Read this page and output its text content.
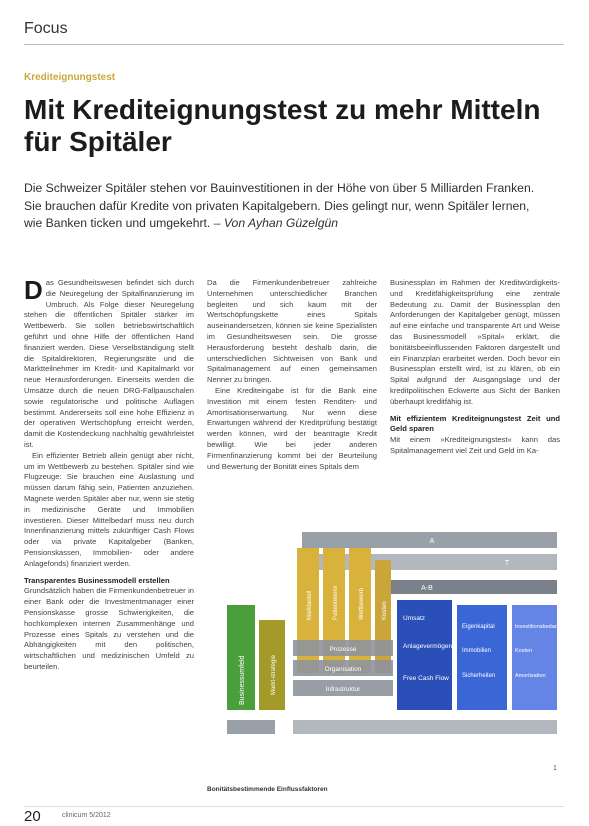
Focus
Krediteignungstest
Mit Krediteignungstest zu mehr Mitteln für Spitäler
Die Schweizer Spitäler stehen vor Bauinvestitionen in der Höhe von über 5 Milliarden Franken. Sie brauchen dafür Kredite von privaten Kapitalgebern. Dies gelingt nur, wenn Spitäler lernen, wie Banken ticken und umgekehrt. – Von Ayhan Güzelgün

Das Gesundheitswesen befindet sich durch die Neuregelung der Spitalfinanzierung im Umbruch. Als Folge dieser Neuregelung stehen die öffentlichen Spitäler stärker im Wettbewerb. Sie sollen betriebswirtschaftlich geführt und ohne Hilfe der öffentlichen Hand finanziert werden. Diese Verselbständigung stellt die Spitaldirektoren, Regierungsräte und die Marktteilnehmer im Kredit- und Kapitalmarkt vor neue Herausforderungen. Einerseits werden die Umsätze durch die neuen DRG-Fallpauschalen sowie regulatorische und politische Auflagen bestimmt. Andererseits soll eine hohe Effizienz in der operativen Wertschöpfung erreicht werden, damit die Kostendeckung nachhaltig gewährleistet ist.

Ein effizienter Betrieb allein genügt aber nicht, um im Wettbewerb zu bestehen. Spitäler sind wie Flugzeuge: Sie brauchen eine Auslastung und müssen darum fähig sein, Patienten anzuziehen. Magnete werden Spitäler aber nur, wenn sie stetig in medizinische Geräte und Immobilien investieren. Dieser Mittelbedarf muss neu durch Innenfinanzierung mittels zukünftiger Cash Flows oder via private Kapitalgeber (Banken, Pensionskassen, Immobilien- oder andere Anlagefonds) finanziert werden.

Transparentes Businessmodell erstellen

Grundsätzlich haben die Firmenkundenbetreuer in einer Bank oder die Investmentmanager einer Pensionskasse grosse Schwierigkeiten, die hochkomplexen internen Zusammenhänge und Prozesse eines Spitals zu verstehen und die Abhängigkeiten mit den politischen, wirtschaftlichen und medizinischen Umfeld zu beurteilen.

Da die Firmenkundenbetreuer zahlreiche Unternehmen unterschiedlicher Branchen begleiten und sich kaum mit der Wertschöpfungskette eines Spitals auseinandersetzen, können sie keine Spezialisten im Gesundheitswesen sein. Die grosse Herausforderung besteht deshalb darin, die unterschiedlichen Sichtweisen von Bank und Spitalmanagement auf einen gemeinsamen Nenner zu bringen.

Eine Krediteingabe ist für die Bank eine Investition mit einem festen Renditen- und Amortisationserwartung. Nur wenn diese Erwartungen während der Kreditprüfung bestätigt werden können, wird der beantragte Kredit bewilligt. Wie bei jeder anderen Firmenfinanzierung kommt bei der Beurteilung und Bewertung der Bonität eines Spitals dem

Businessplan im Rahmen der Kreditwürdigkeits- und Kreditfähigkeitsprüfung eine zentrale Bedeutung zu. Damit der Businessplan den Anforderungen der Kapitalgeber genügt, müssen auf eine einfache und transparente Art und Weise das Businessmodell »Spital« erklärt, die bonitätsbeeinflussenden Faktoren dargestellt und ein Finanzplan erarbeitet werden. Doch bevor ein Businessplan erstellt wird, ist zu klären, ob ein Spital aufgrund der Ausgangslage und der kreditpolitischen Eckwerte aus Sicht der Banken überhaupt kreditfähig ist.

Mit effizientem Krediteignungstest Zeit und Geld sparen

Mit einem »Krediteignungstest« kann das Spitalmanagement viel Zeit und Geld im Ka-

A
T
A-B
Businessumfeld	Markt-strategie
Marktanteil	Patientenmix	Wettbewerb	Kosten
Prozesse
Organisation
Infrastruktur
Umsatz
Anlagevermögen
Free Cash Flow
Eigenkapital
Immobilien
Sicherheiten
Investitionsbedarf
Kosten
Amortisation
1
Bonitätsbestimmende Einflussfaktoren
20	clinicum 5/2012
